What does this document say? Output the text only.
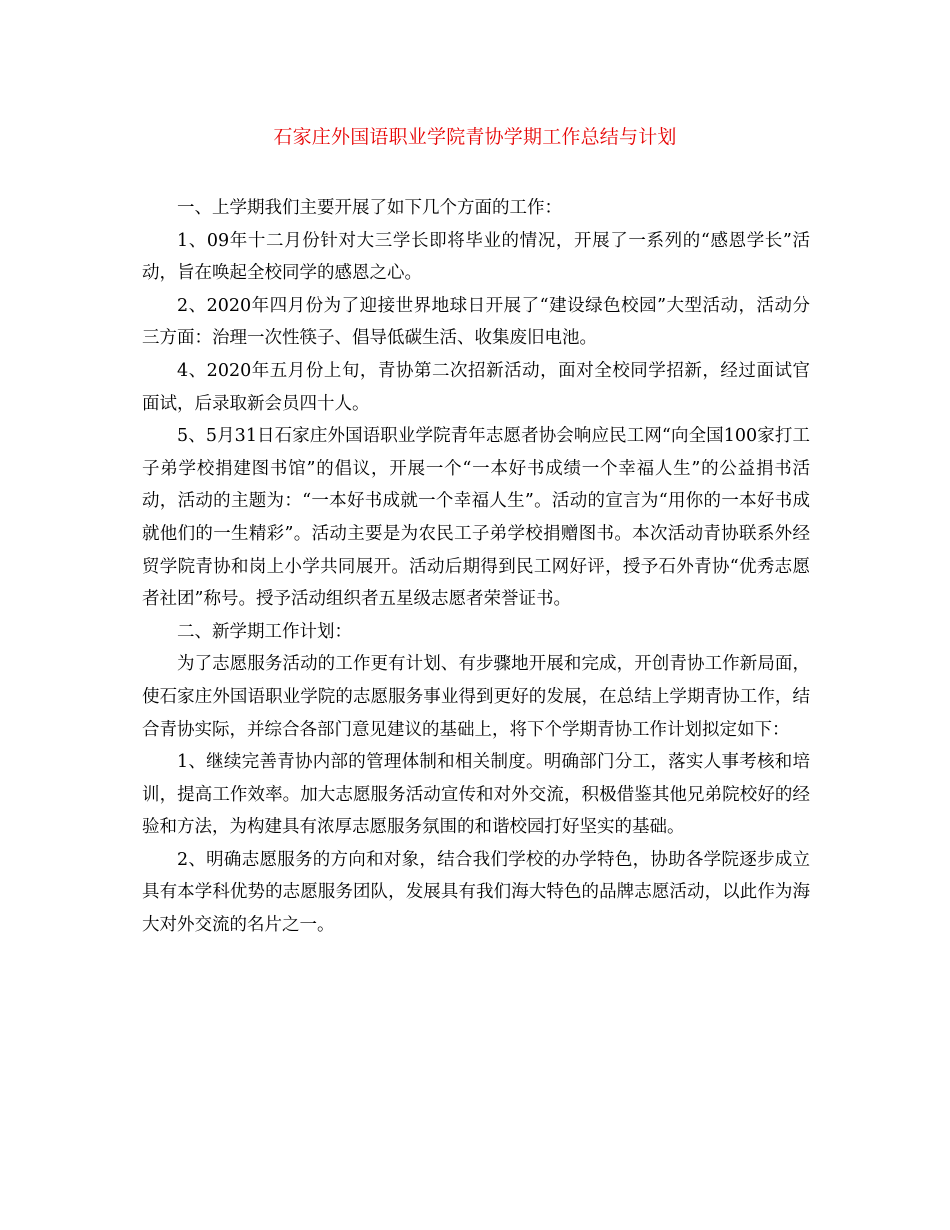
石家庄外国语职业学院青协学期工作总结与计划

一、上学期我们主要开展了如下几个方面的工作：

1、09年十二月份针对大三学长即将毕业的情况，开展了一系列的“感恩学长”活动，旨在唤起全校同学的感恩之心。

2、2020年四月份为了迎接世界地球日开展了“建设绿色校园”大型活动，活动分三方面：治理一次性筷子、倡导低碳生活、收集废旧电池。

4、2020年五月份上旬，青协第二次招新活动，面对全校同学招新，经过面试官面试，后录取新会员四十人。

5、5月31日石家庄外国语职业学院青年志愿者协会响应民工网“向全国100家打工子弟学校捐建图书馆”的倡议，开展一个“一本好书成绩一个幸福人生”的公益捐书活动，活动的主题为：“一本好书成就一个幸福人生”。活动的宣言为“用你的一本好书成就他们的一生精彩”。活动主要是为农民工子弟学校捐赠图书。本次活动青协联系外经贸学院青协和岗上小学共同展开。活动后期得到民工网好评，授予石外青协“优秀志愿者社团”称号。授予活动组织者五星级志愿者荣誉证书。

二、新学期工作计划：

为了志愿服务活动的工作更有计划、有步骤地开展和完成，开创青协工作新局面，使石家庄外国语职业学院的志愿服务事业得到更好的发展，在总结上学期青协工作，结合青协实际，并综合各部门意见建议的基础上，将下个学期青协工作计划拟定如下：

1、继续完善青协内部的管理体制和相关制度。明确部门分工，落实人事考核和培训，提高工作效率。加大志愿服务活动宣传和对外交流，积极借鉴其他兄弟院校好的经验和方法，为构建具有浓厚志愿服务氛围的和谐校园打好坚实的基础。

2、明确志愿服务的方向和对象，结合我们学校的办学特色，协助各学院逐步成立具有本学科优势的志愿服务团队，发展具有我们海大特色的品牌志愿活动，以此作为海大对外交流的名片之一。
